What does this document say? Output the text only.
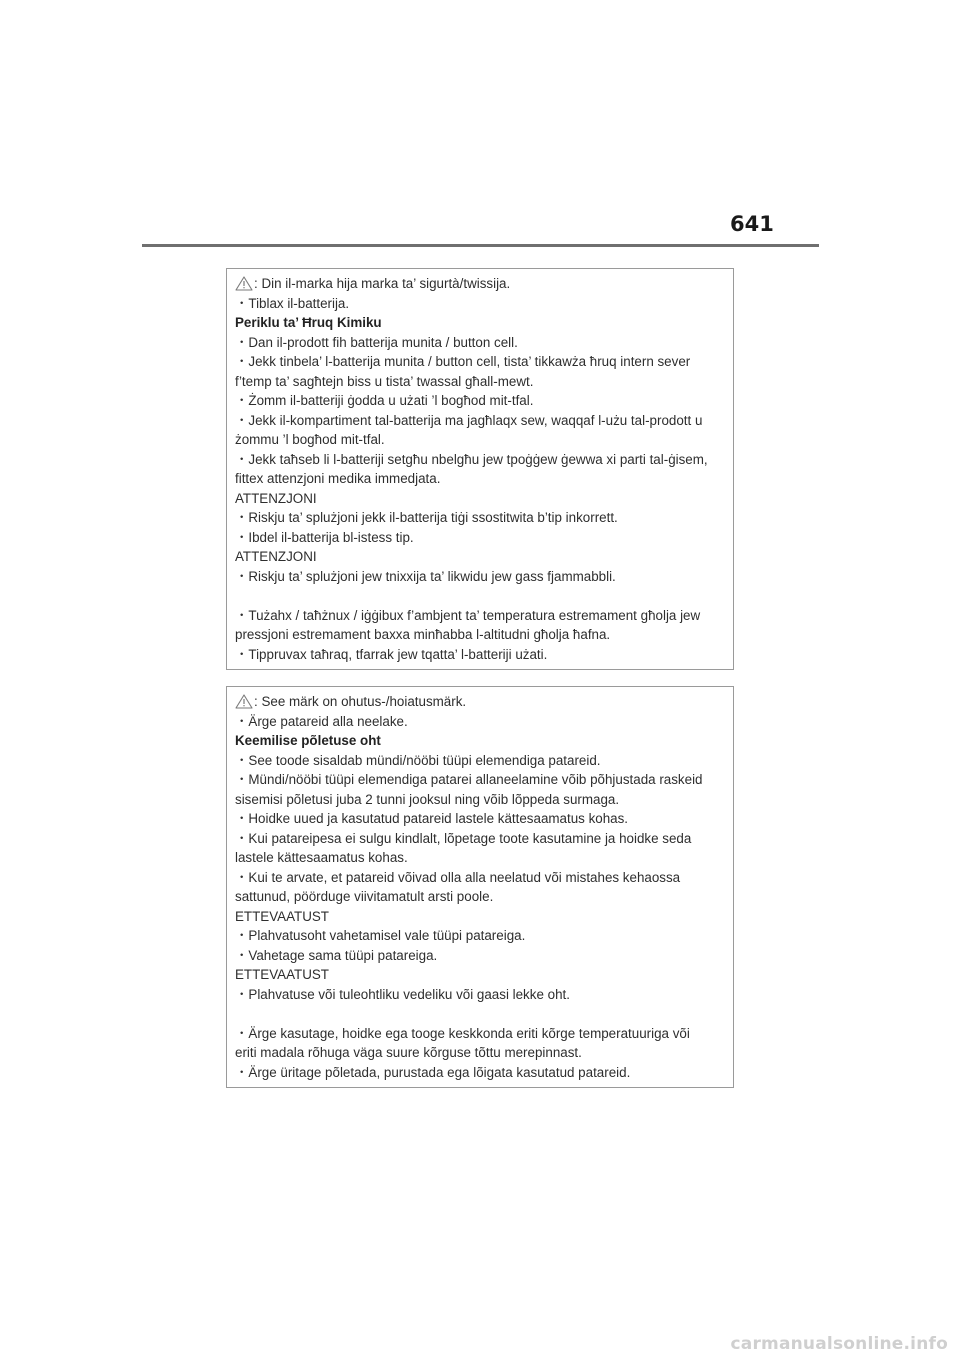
641
: Din il-marka hija marka ta’ sigurtà/twissija.
・Tiblax il-batterija.
Periklu ta’ Ħruq Kimiku
・Dan il-prodott fih batterija munita / button cell.
・Jekk tinbela’ l-batterija munita / button cell, tista’ tikkawża ħruq intern sever
f’temp ta’ sagħtejn biss u tista’ twassal għall-mewt.
・Żomm il-batteriji ġodda u użati ’l bogħod mit-tfal.
・Jekk il-kompartiment tal-batterija ma jagħlaqx sew, waqqaf l-użu tal-prodott u
żommu ’l bogħod mit-tfal.
・Jekk taħseb li l-batteriji setgħu nbelgħu jew tpoġġew ġewwa xi parti tal-ġisem,
fittex attenzjoni medika immedjata.
ATTENZJONI
・Riskju ta’ splużjoni jekk il-batterija tiġi ssostitwita b’tip inkorrett.
・Ibdel il-batterija bl-istess tip.
ATTENZJONI
・Riskju ta’ splużjoni jew tnixxija ta’ likwidu jew gass fjammabbli.
・Tużahx / taħżnux / iġġibux f’ambjent ta’ temperatura estremament għolja jew
pressjoni estremament baxxa minħabba l-altitudni għolja ħafna.
・Tippruvax taħraq, tfarrak jew tqatta’ l-batteriji użati.
: See märk on ohutus-/hoiatusmärk.
・Ärge patareid alla neelake.
Keemilise põletuse oht
・See toode sisaldab mündi/nööbi tüüpi elemendiga patareid.
・Mündi/nööbi tüüpi elemendiga patarei allaneelamine võib põhjustada raskeid
sisemisi põletusi juba 2 tunni jooksul ning võib lõppeda surmaga.
・Hoidke uued ja kasutatud patareid lastele kättesaamatus kohas.
・Kui patareipesa ei sulgu kindlalt, lõpetage toote kasutamine ja hoidke seda
lastele kättesaamatus kohas.
・Kui te arvate, et patareid võivad olla alla neelatud või mistahes kehaossa
sattunud, pöörduge viivitamatult arsti poole.
ETTEVAATUST
・Plahvatusoht vahetamisel vale tüüpi patareiga.
・Vahetage sama tüüpi patareiga.
ETTEVAATUST
・Plahvatuse või tuleohtliku vedeliku või gaasi lekke oht.
・Ärge kasutage, hoidke ega tooge keskkonda eriti kõrge temperatuuriga või
eriti madala rõhuga väga suure kõrguse tõttu merepinnast.
・Ärge üritage põletada, purustada ega lõigata kasutatud patareid.
carmanualsonline.info
